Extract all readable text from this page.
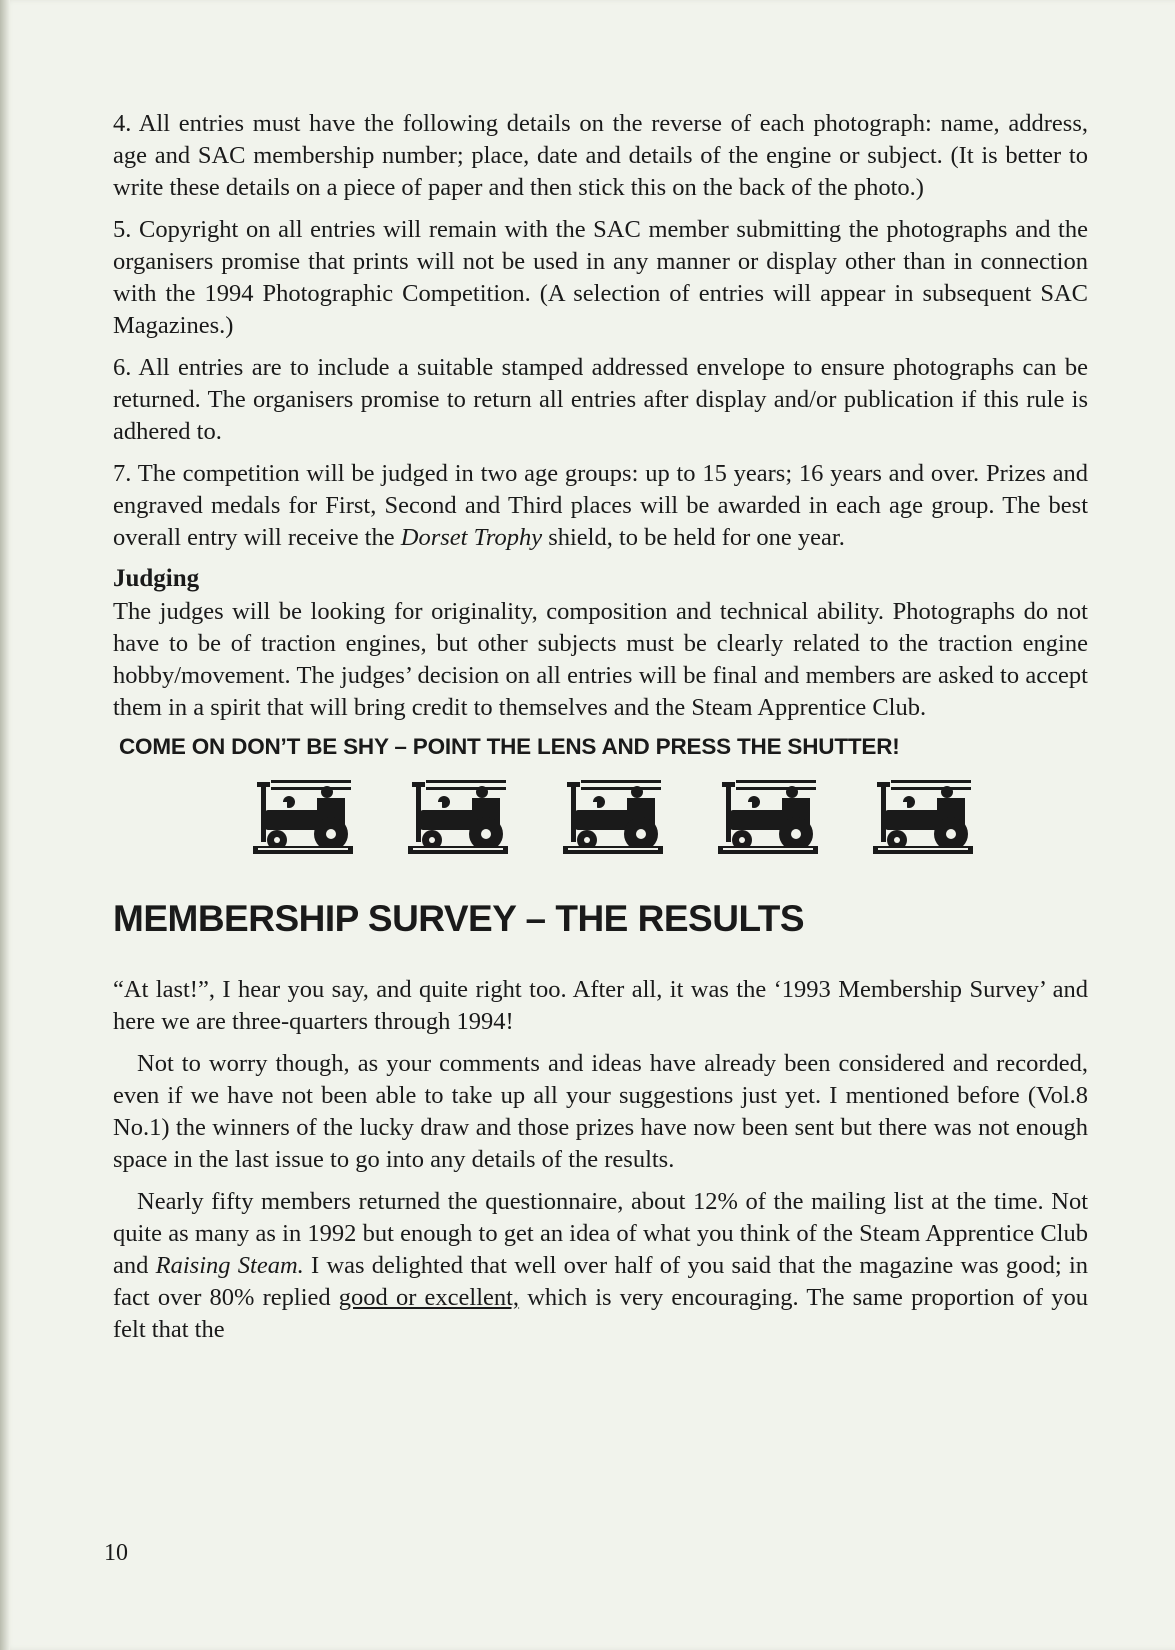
4. All entries must have the following details on the reverse of each photograph: name, address, age and SAC membership number; place, date and details of the engine or subject. (It is better to write these details on a piece of paper and then stick this on the back of the photo.)

5. Copyright on all entries will remain with the SAC member submitting the photographs and the organisers promise that prints will not be used in any manner or display other than in connection with the 1994 Photographic Competition. (A selection of entries will appear in subsequent SAC Magazines.)

6. All entries are to include a suitable stamped addressed envelope to ensure photographs can be returned. The organisers promise to return all entries after display and/or publication if this rule is adhered to.

7. The competition will be judged in two age groups: up to 15 years; 16 years and over. Prizes and engraved medals for First, Second and Third places will be awarded in each age group. The best overall entry will receive the Dorset Trophy shield, to be held for one year.

Judging

The judges will be looking for originality, composition and technical ability. Photographs do not have to be of traction engines, but other subjects must be clearly related to the traction engine hobby/movement. The judges’ decision on all entries will be final and members are asked to accept them in a spirit that will bring credit to themselves and the Steam Apprentice Club.

COME ON DON’T BE SHY – POINT THE LENS AND PRESS THE SHUTTER!
MEMBERSHIP SURVEY – THE RESULTS

“At last!”, I hear you say, and quite right too. After all, it was the ‘1993 Membership Survey’ and here we are three-quarters through 1994!

Not to worry though, as your comments and ideas have already been considered and recorded, even if we have not been able to take up all your suggestions just yet. I mentioned before (Vol.8 No.1) the winners of the lucky draw and those prizes have now been sent but there was not enough space in the last issue to go into any details of the results.

Nearly fifty members returned the questionnaire, about 12% of the mailing list at the time. Not quite as many as in 1992 but enough to get an idea of what you think of the Steam Apprentice Club and Raising Steam. I was delighted that well over half of you said that the magazine was good; in fact over 80% replied good or excellent, which is very encouraging. The same proportion of you felt that the

10
